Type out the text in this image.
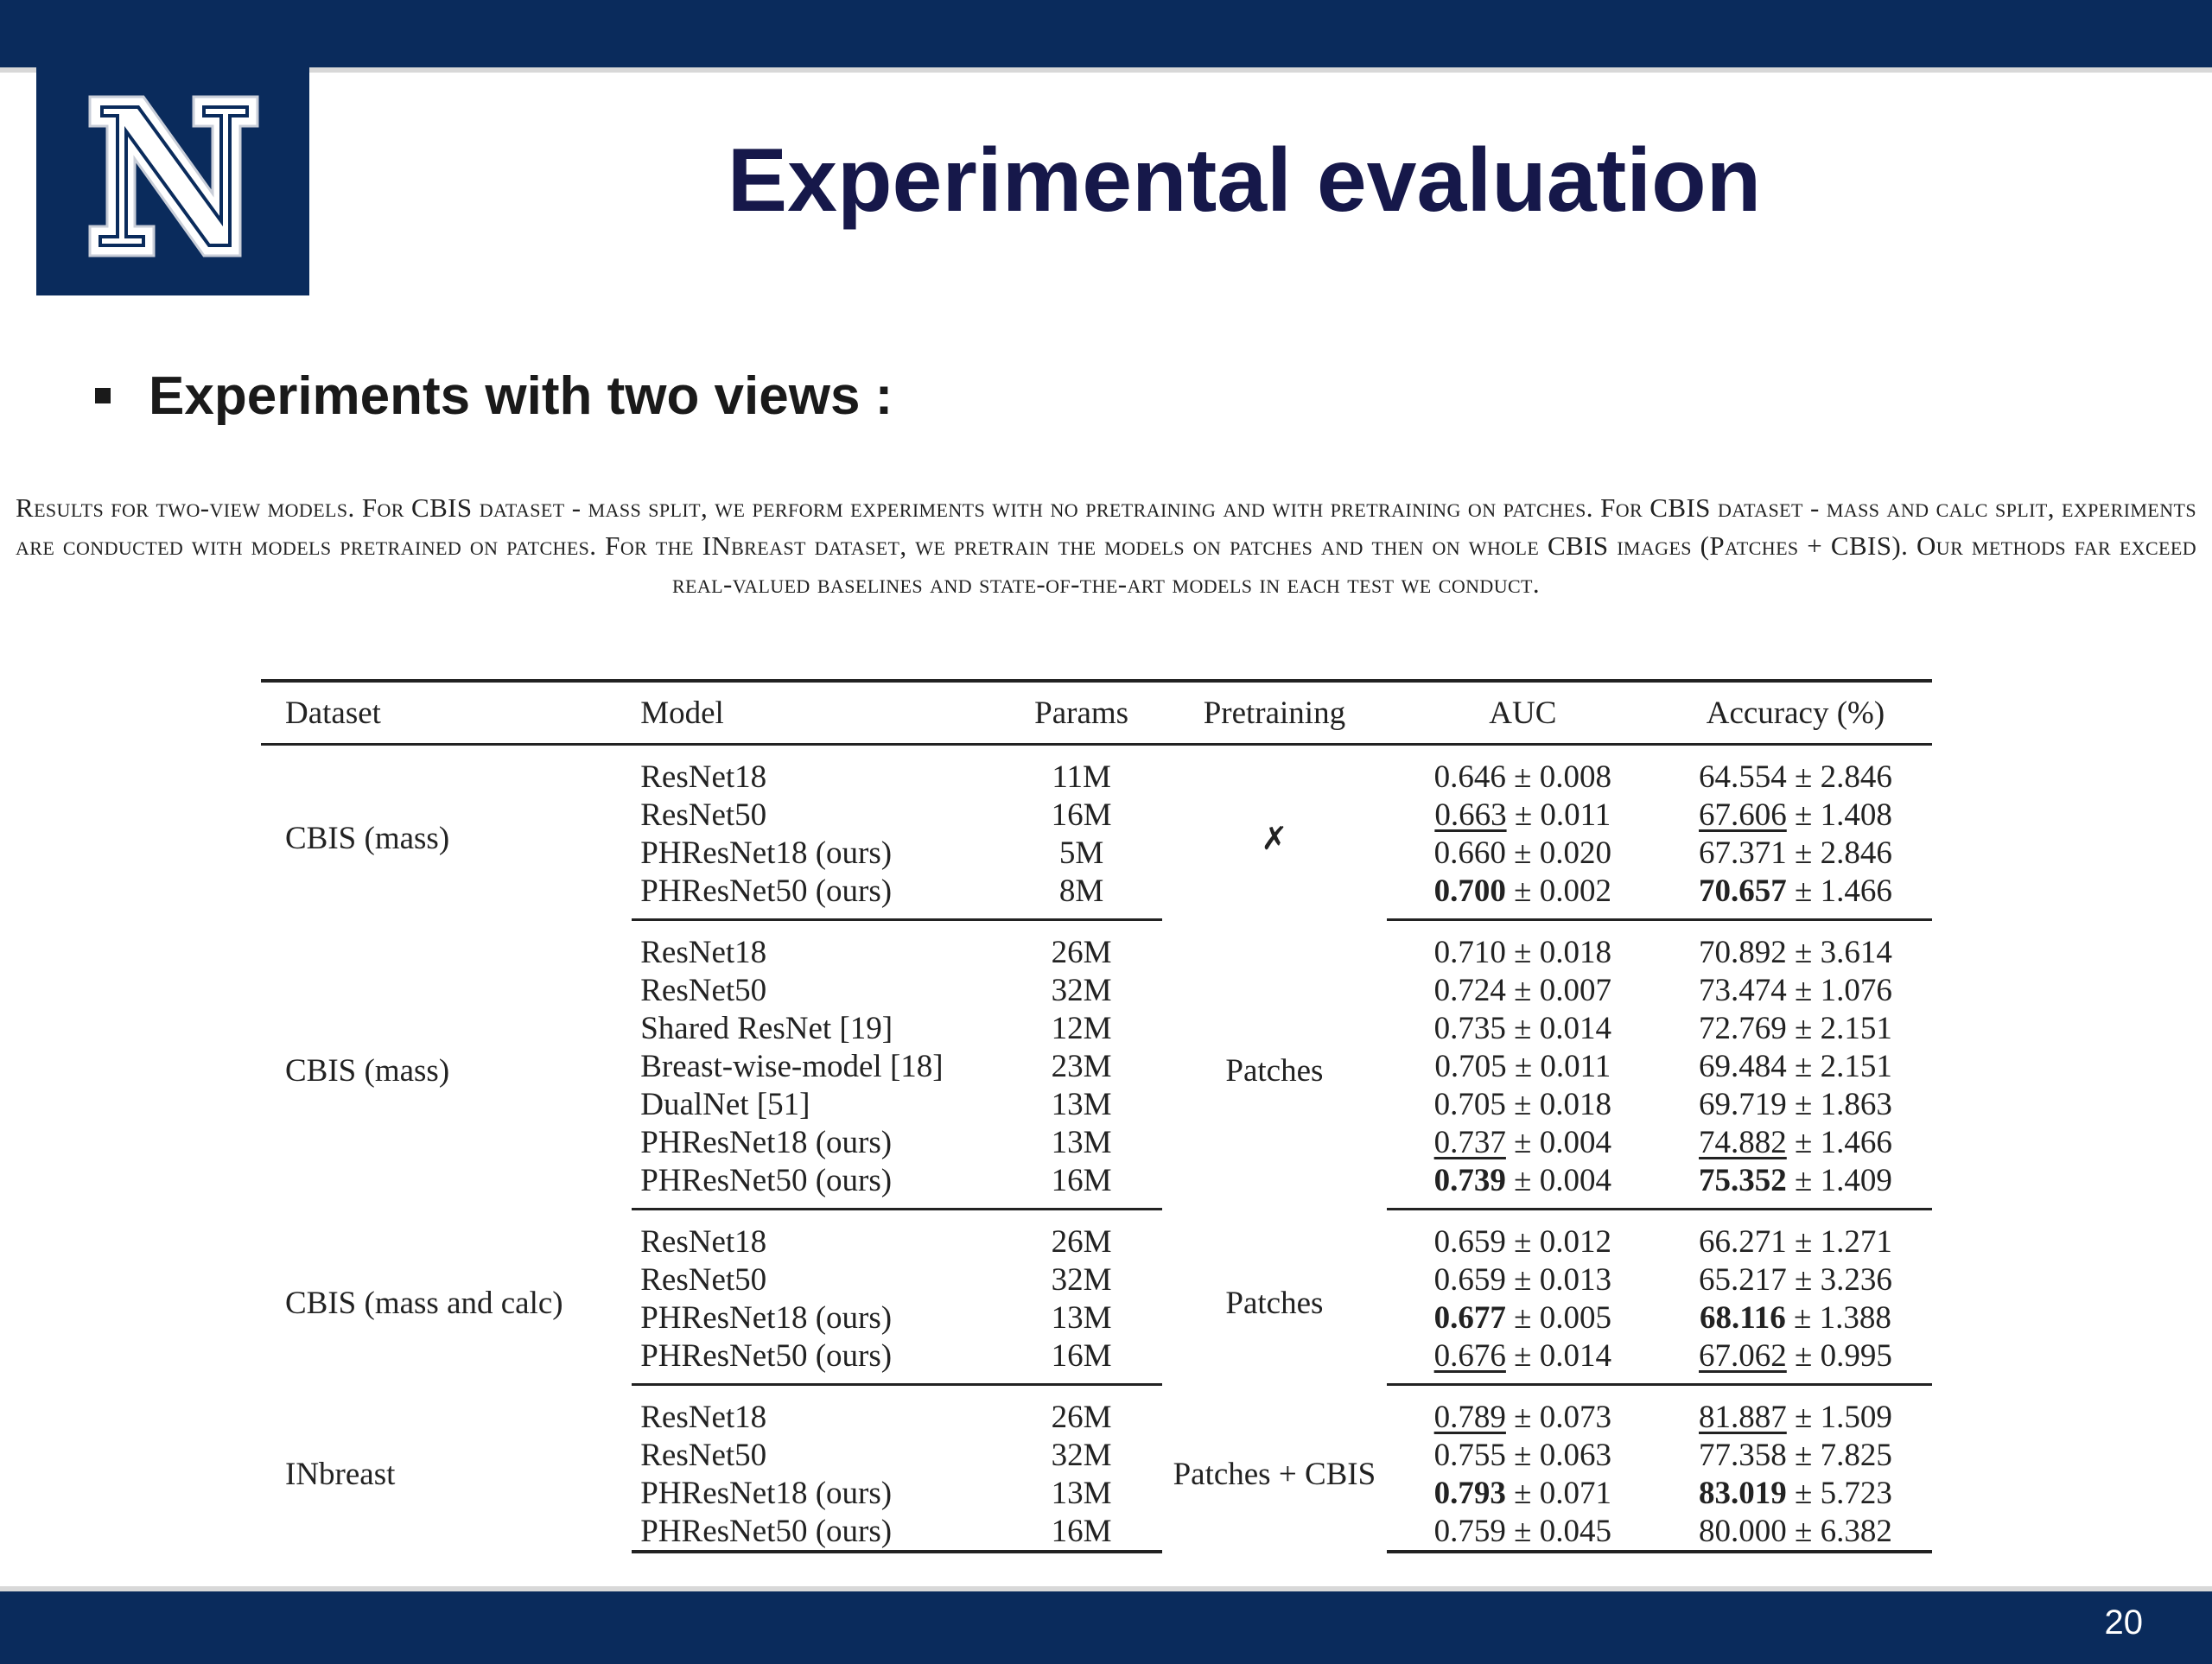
Experimental evaluation
Experiments with two views :
Results for two-view models. For CBIS dataset - mass split, we perform experiments with no pretraining and with pretraining on patches. For CBIS dataset - mass and calc split, experiments are conducted with models pretrained on patches. For the INbreast dataset, we pretrain the models on patches and then on whole CBIS images (Patches + CBIS). Our methods far exceed real-valued baselines and state-of-the-art models in each test we conduct.
Dataset	Model	Params	Pretraining	AUC	Accuracy (%)
CBIS (mass)	ResNet18	11M	✗	0.646 ± 0.008	64.554 ± 2.846
	ResNet50	16M		0.663 ± 0.011	67.606 ± 1.408
	PHResNet18 (ours)	5M		0.660 ± 0.020	67.371 ± 2.846
	PHResNet50 (ours)	8M		0.700 ± 0.002	70.657 ± 1.466
CBIS (mass)	ResNet18	26M	Patches	0.710 ± 0.018	70.892 ± 3.614
	ResNet50	32M		0.724 ± 0.007	73.474 ± 1.076
	Shared ResNet [19]	12M		0.735 ± 0.014	72.769 ± 2.151
	Breast-wise-model [18]	23M		0.705 ± 0.011	69.484 ± 2.151
	DualNet [51]	13M		0.705 ± 0.018	69.719 ± 1.863
	PHResNet18 (ours)	13M		0.737 ± 0.004	74.882 ± 1.466
	PHResNet50 (ours)	16M		0.739 ± 0.004	75.352 ± 1.409
CBIS (mass and calc)	ResNet18	26M	Patches	0.659 ± 0.012	66.271 ± 1.271
	ResNet50	32M		0.659 ± 0.013	65.217 ± 3.236
	PHResNet18 (ours)	13M		0.677 ± 0.005	68.116 ± 1.388
	PHResNet50 (ours)	16M		0.676 ± 0.014	67.062 ± 0.995
INbreast	ResNet18	26M	Patches + CBIS	0.789 ± 0.073	81.887 ± 1.509
	ResNet50	32M		0.755 ± 0.063	77.358 ± 7.825
	PHResNet18 (ours)	13M		0.793 ± 0.071	83.019 ± 5.723
	PHResNet50 (ours)	16M		0.759 ± 0.045	80.000 ± 6.382
20
